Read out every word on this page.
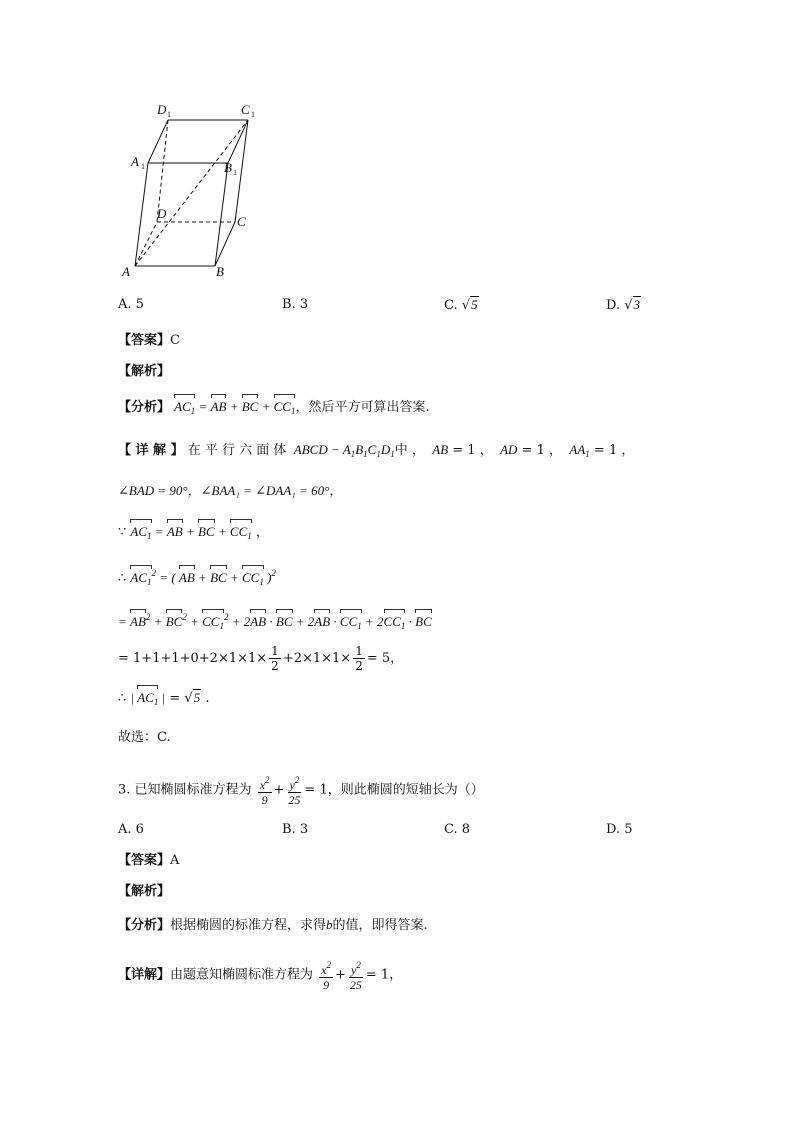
D 1	C 1
A 1	B 1
D
C
A	B
A. 5	B. 3	C. √5	D. √3
【答案】C
【解析】
【分析】 $AC_1$ = AB + BC + $CC_1$，然后平方可算出答案.
【 详 解 】 在 平 行 六 面 体  ABCD − $A_1B_1C_1D_1$中 ，  AB = 1 ，  AD = 1 ，  $AA_1 = 1$ ，
∠BAD = 90°，∠BAA₁ = ∠DAA₁ = 60°，
∵ $AC_1$ = AB + BC + $CC_1$ ，
∴ $AC_1^2$ = ( AB + BC + $CC_1$ )$^2$
= $AB^2 + BC^2 + CC_1^2 + 2AB$ · BC + $2AB \cdot CC_1 + 2CC_1$ · BC
= $1+1+1+0+2\times 1\times 1\times \frac{1}{2} +2\times 1\times 1\times \frac{1}{2} = 5$，
∴ | $AC_1$ | = √5 .
故选：C.
3. 已知椭圆标准方程为 $\frac{x^2}{9} + \frac{y^2}{25} = 1$，则此椭圆的短轴长为（）
A. 6	B. 3	C. 8	D. 5
【答案】A
【解析】
【分析】根据椭圆的标准方程，求得b的值，即得答案.
【详解】由题意知椭圆标准方程为 $\frac{x^2}{9} + \frac{y^2}{25} = 1$，
